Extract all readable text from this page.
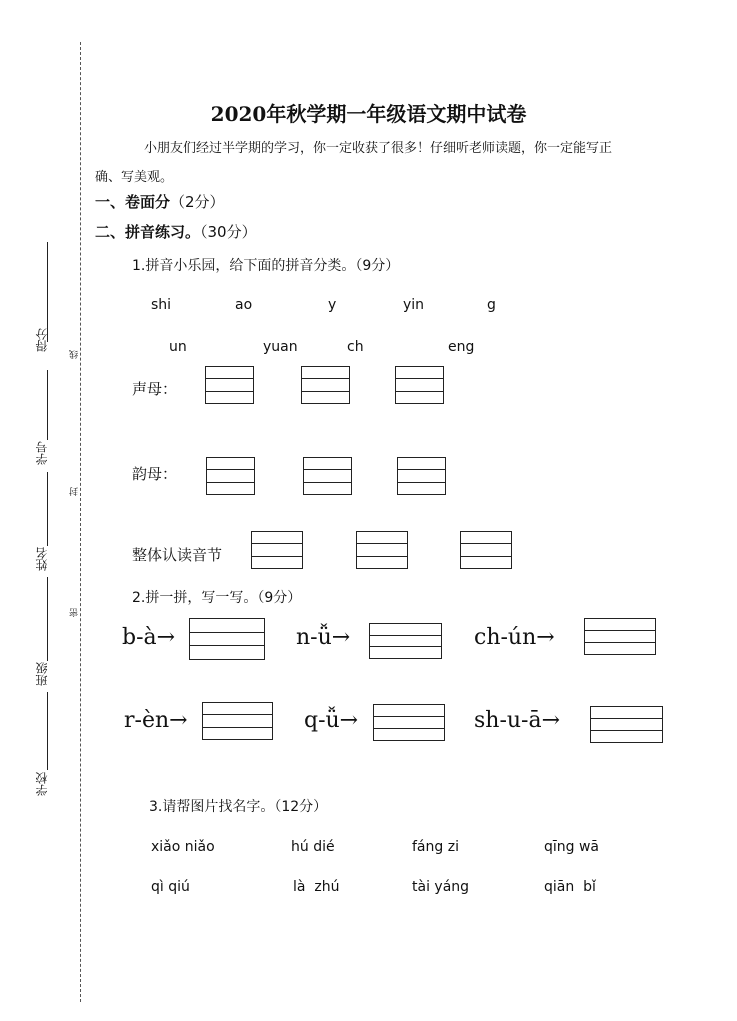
得分
学号
姓名
班级
学校
线
封
密
2020年秋学期一年级语文期中试卷
小朋友们经过半学期的学习，你一定收获了很多！仔细听老师读题，你一定能写正
确、写美观。
一、卷面分（2分）
二、拼音练习。（30分）
1.拼音小乐园，给下面的拼音分类。（9分）
shi	ao	y	yin	g
un	yuan	ch	eng
声母：
韵母：
整体认读音节
2.拼一拼，写一写。（9分）
b-à→	n-ǚ→	ch-ún→
r-èn→	q-ǚ→	sh-u-ā→
3.请帮图片找名字。（12分）
xiǎo niǎo	hú dié	fáng zi	qīng wā
qì qiú	là  zhú	tài yáng	qiān  bǐ
